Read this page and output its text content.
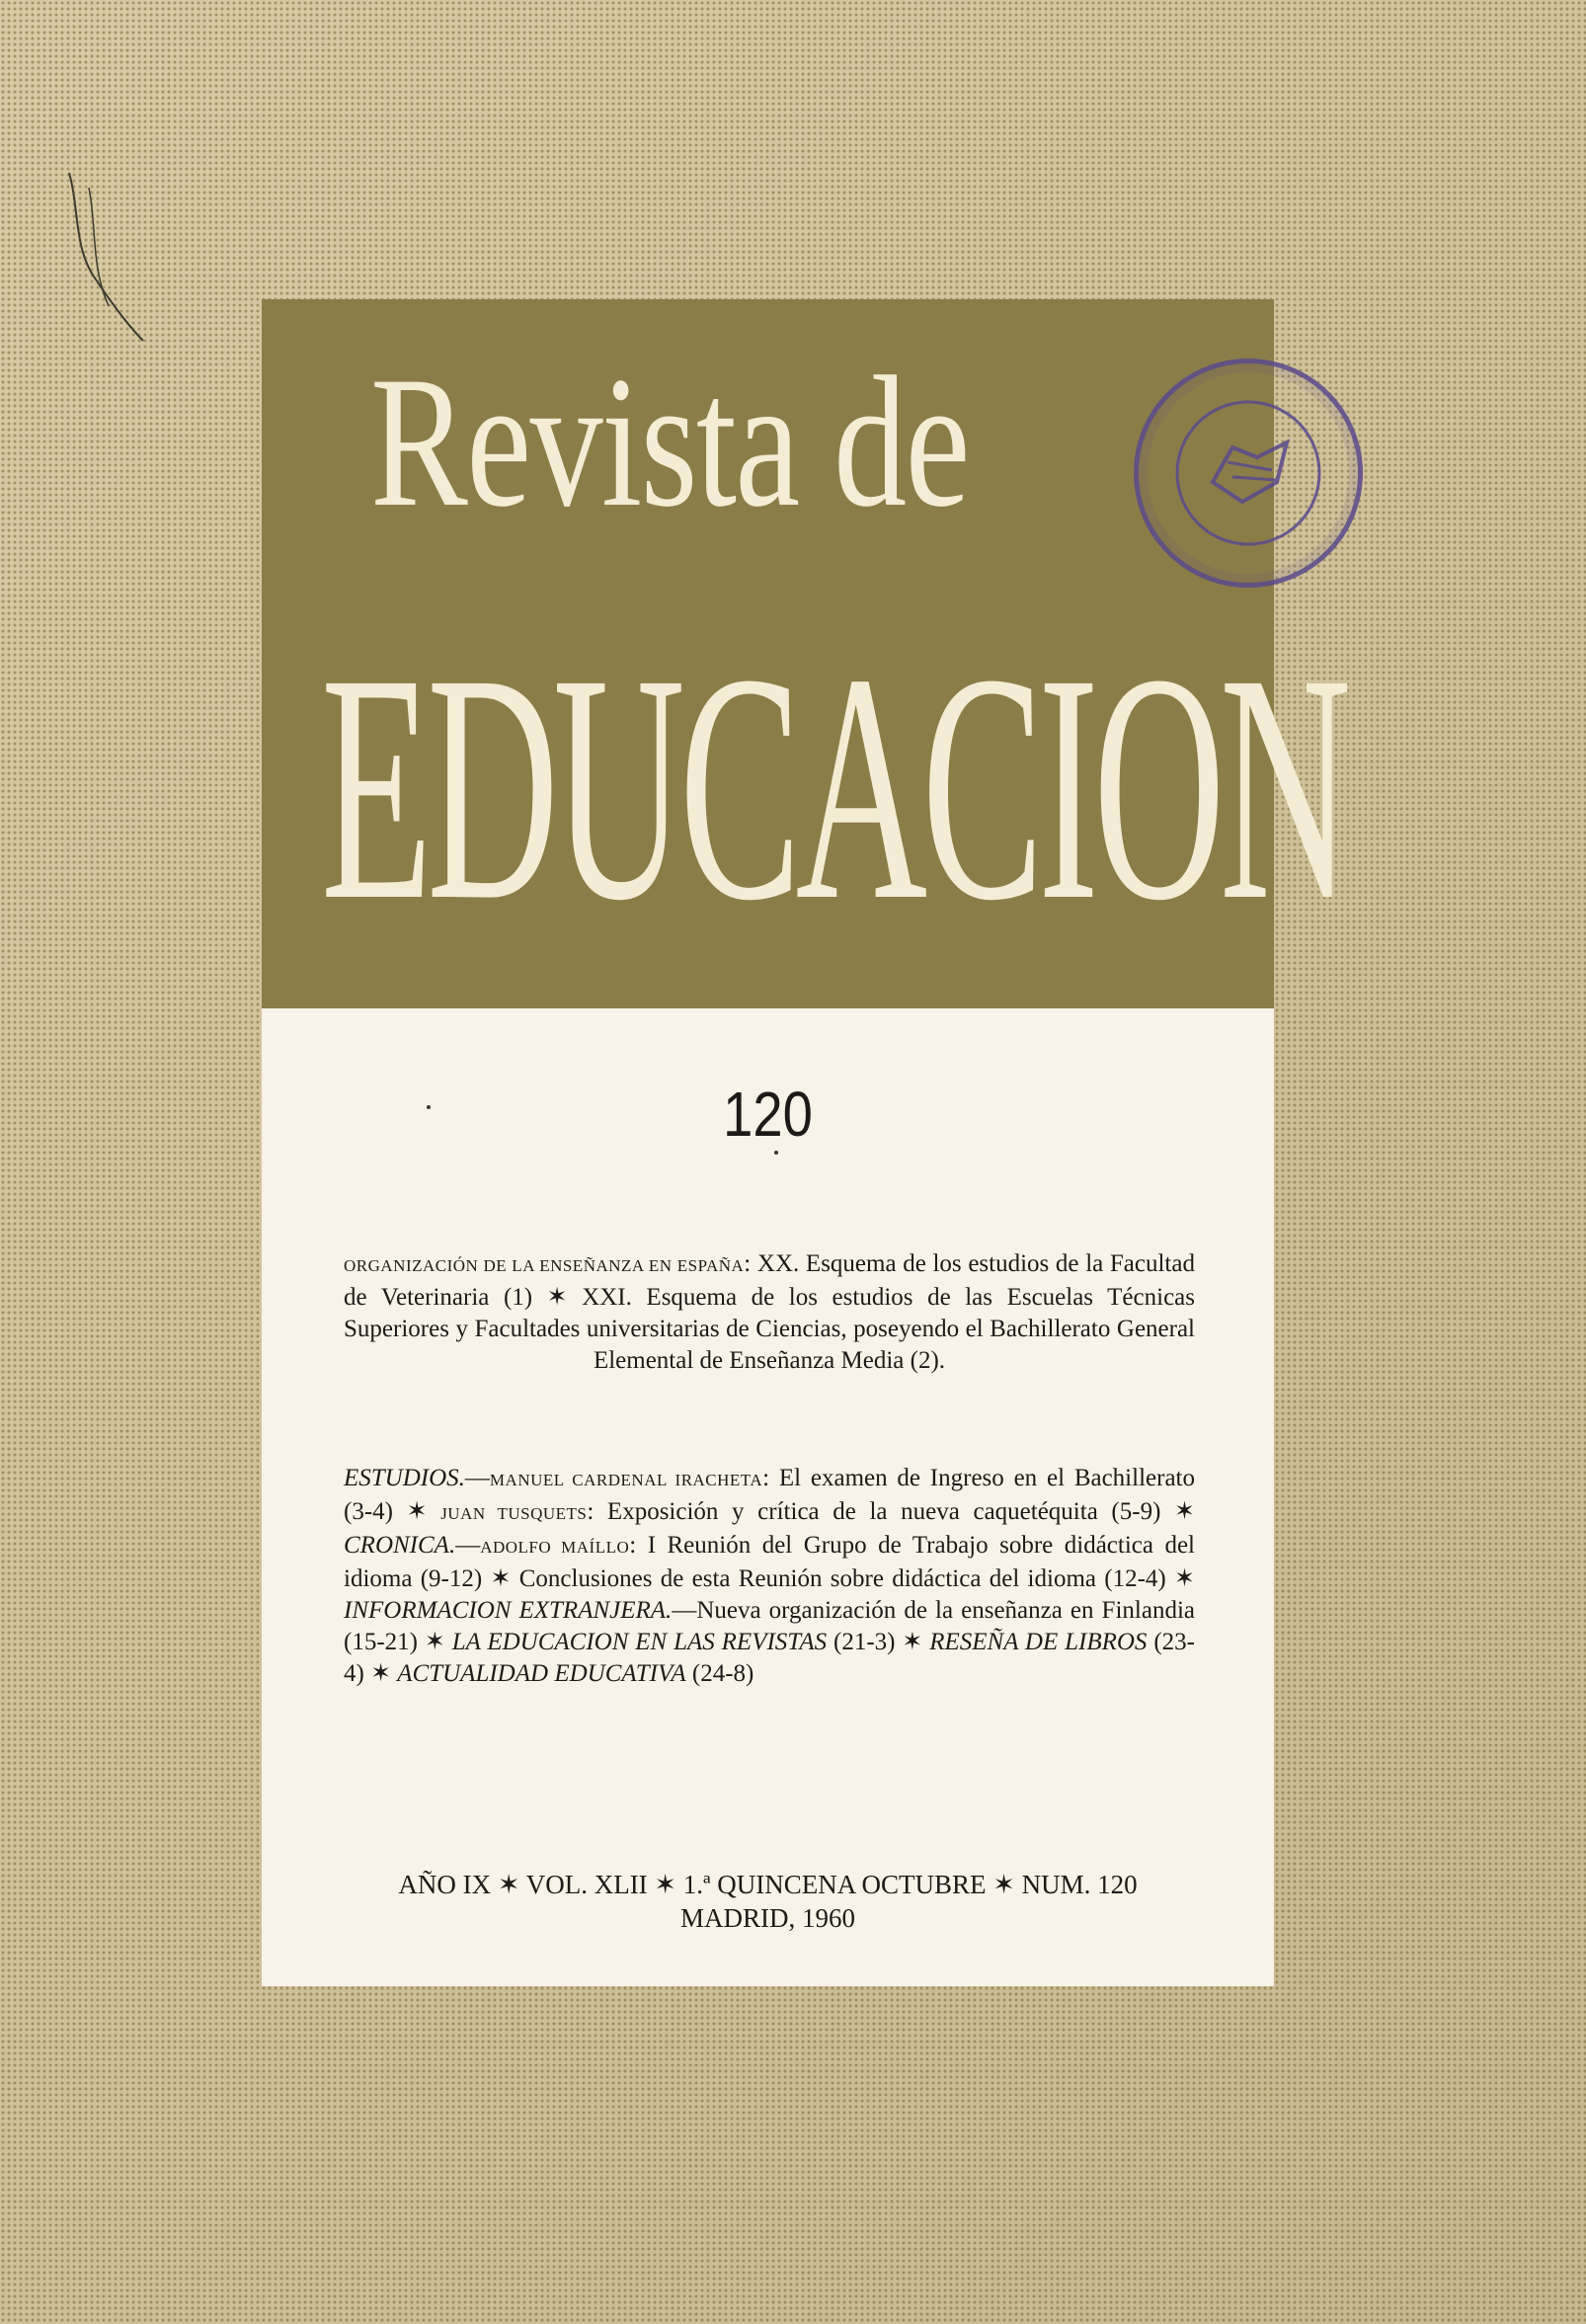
Revista de
EDUCACION
120
ORGANIZACIÓN DE LA ENSEÑANZA EN ESPAÑA: XX. Esquema de los estudios de la Facultad de Veterinaria (1) ✶ XXI. Esquema de los estudios de las Escuelas Técnicas Superiores y Facultades universitarias de Ciencias, poseyendo el Bachillerato General Elemental de Enseñanza Media (2).
ESTUDIOS.—MANUEL CARDENAL IRACHETA: El examen de Ingreso en el Bachillerato (3-4) ✶ JUAN TUSQUETS: Exposición y crítica de la nueva caquetéquita (5-9) ✶ CRONICA.—ADOLFO MAÍLLO: I Reunión del Grupo de Trabajo sobre didáctica del idioma (9-12) ✶ Conclusiones de esta Reunión sobre didáctica del idioma (12-4) ✶ INFORMACION EXTRANJERA.—Nueva organización de la enseñanza en Finlandia (15-21) ✶ LA EDUCACION EN LAS REVISTAS (21-3) ✶ RESEÑA DE LIBROS (23-4) ✶ ACTUALIDAD EDUCATIVA (24-8)
AÑO IX ✶ VOL. XLII ✶ 1.ª QUINCENA OCTUBRE ✶ NUM. 120
MADRID, 1960
